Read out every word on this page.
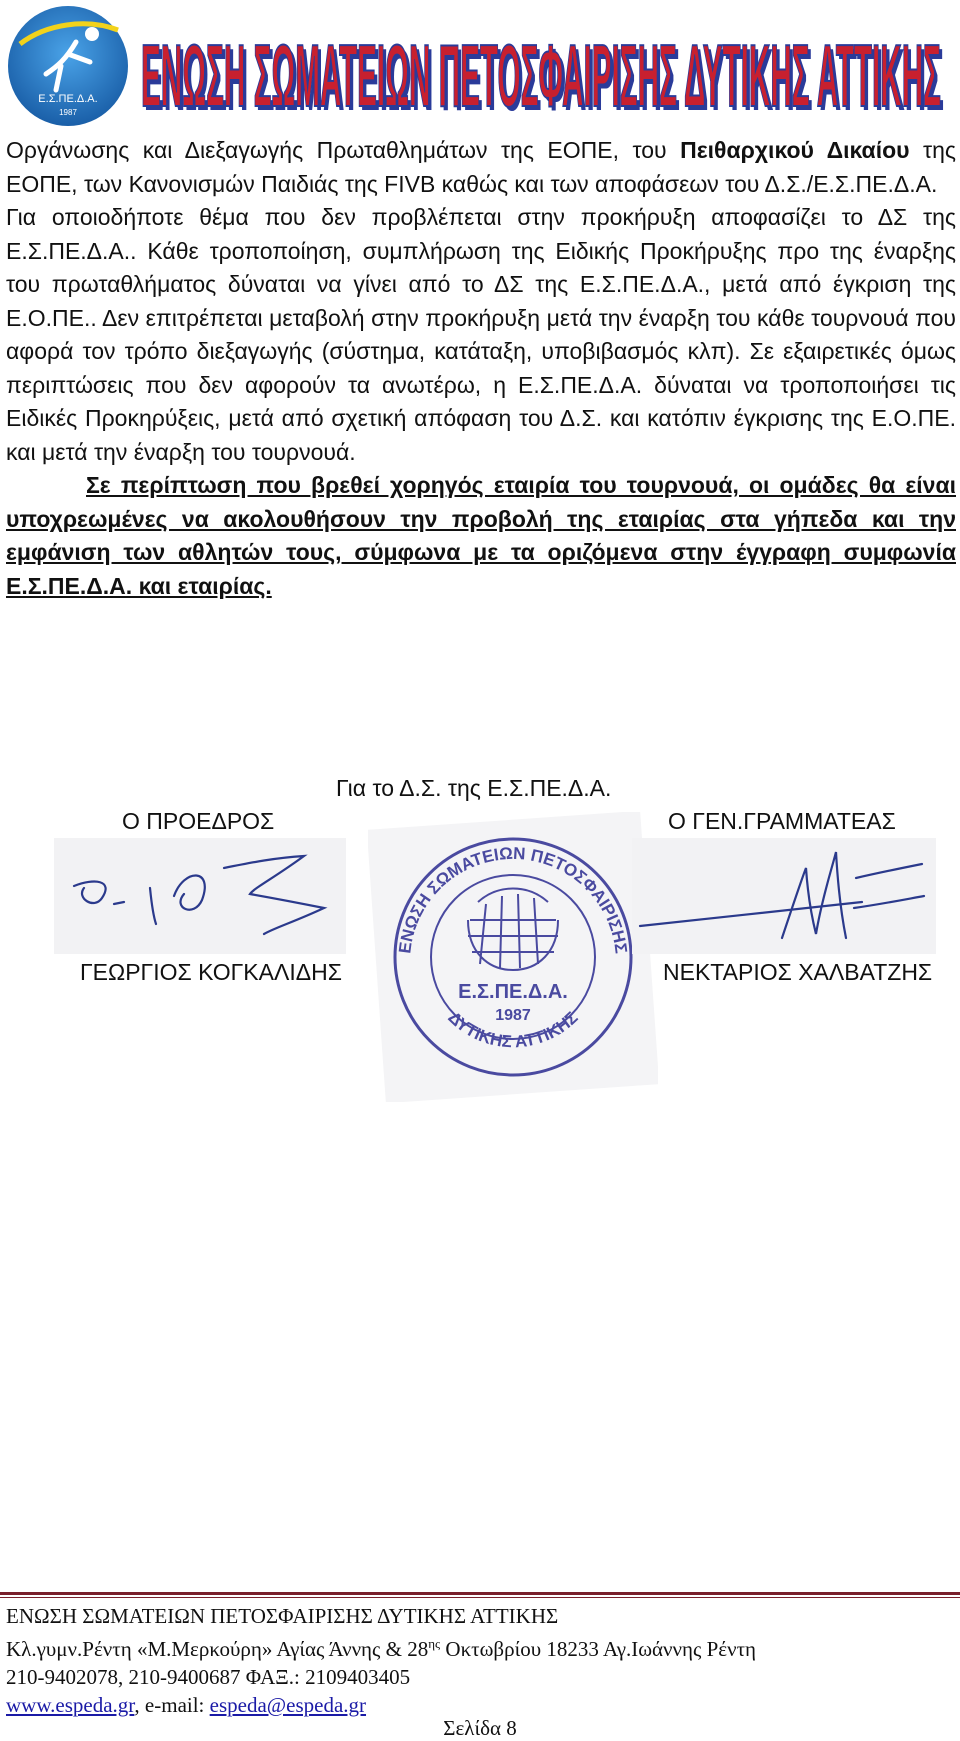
Ε.Σ.ΠΕ.Δ.Α.
1987 ΕΝΩΣΗ ΣΩΜΑΤΕΙΩΝ ΠΕΤΟΣΦΑΙΡΙΣΗΣ ΔΥΤΙΚΗΣ ΑΤΤΙΚΗΣ
ΕΝΩΣΗ ΣΩΜΑΤΕΙΩΝ ΠΕΤΟΣΦΑΙΡΙΣΗΣ ΔΥΤΙΚΗΣ ΑΤΤΙΚΗΣ

Οργάνωσης και Διεξαγωγής Πρωταθλημάτων της ΕΟΠΕ, του Πειθαρχικού Δικαίου της ΕΟΠΕ, των Κανονισμών Παιδιάς της FIVB καθώς και των αποφάσεων του Δ.Σ./Ε.Σ.ΠΕ.Δ.Α.

Για οποιοδήποτε θέμα που δεν προβλέπεται στην προκήρυξη αποφασίζει το ΔΣ της Ε.Σ.ΠΕ.Δ.Α.. Κάθε τροποποίηση, συμπλήρωση της Ειδικής Προκήρυξης προ της έναρξης του πρωταθλήματος δύναται να γίνει από το ΔΣ της Ε.Σ.ΠΕ.Δ.Α., μετά από έγκριση της Ε.Ο.ΠΕ.. Δεν επιτρέπεται μεταβολή στην προκήρυξη μετά την έναρξη του κάθε τουρνουά που αφορά τον τρόπο διεξαγωγής (σύστημα, κατάταξη, υποβιβασμός κλπ). Σε εξαιρετικές όμως περιπτώσεις που δεν αφορούν τα ανωτέρω, η Ε.Σ.ΠΕ.Δ.Α. δύναται να τροποποιήσει τις Ειδικές Προκηρύξεις, μετά από σχετική απόφαση του Δ.Σ. και κατόπιν έγκρισης της Ε.Ο.ΠΕ. και μετά την έναρξη του τουρνουά.

Σε περίπτωση που βρεθεί χορηγός εταιρία του τουρνουά, οι ομάδες θα είναι υποχρεωμένες να ακολουθήσουν την προβολή της εταιρίας στα γήπεδα και την εμφάνιση των αθλητών τους, σύμφωνα με τα οριζόμενα στην έγγραφη συμφωνία Ε.Σ.ΠΕ.Δ.Α. και εταιρίας.

Για το Δ.Σ. της Ε.Σ.ΠΕ.Δ.Α.
Ο ΠΡΟΕΔΡΟΣ	Ο ΓΕΝ.ΓΡΑΜΜΑΤΕΑΣ
ΕΝΩΣΗ ΣΩΜΑΤΕΙΩΝ ΠΕΤΟΣΦΑΙΡΙΣΗΣ
ΔΥΤΙΚΗΣ ΑΤΤΙΚΗΣ
Ε.Σ.ΠΕ.Δ.Α.
1987
ΓΕΩΡΓΙΟΣ ΚΟΓΚΑΛΙΔΗΣ	ΝΕΚΤΑΡΙΟΣ ΧΑΛΒΑΤΖΗΣ
ΕΝΩΣΗ ΣΩΜΑΤΕΙΩΝ ΠΕΤΟΣΦΑΙΡΙΣΗΣ ΔΥΤΙΚΗΣ ΑΤΤΙΚΗΣ
Κλ.γυμν.Ρέντη «Μ.Μερκούρη» Αγίας Άννης & $28^{\eta\varsigma}$ Οκτωβρίου 18233 Αγ.Ιωάννης Ρέντη
210-9402078, 210-9400687 ΦΑΞ.: 2109403405
www.espeda.gr, e-mail: espeda@espeda.gr
Σελίδα 8
